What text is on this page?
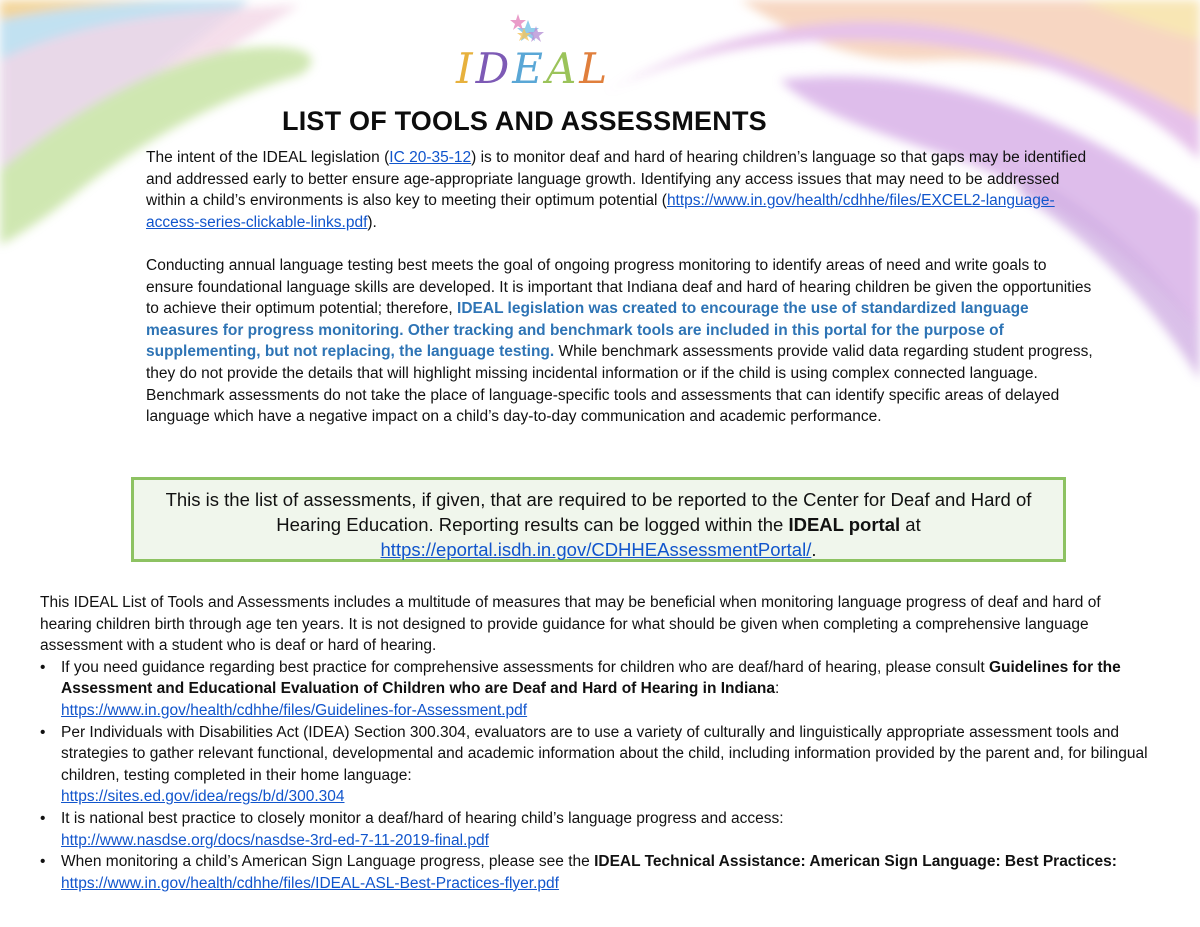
IDEAL
LIST OF TOOLS AND ASSESSMENTS

The intent of the IDEAL legislation (IC 20-35-12) is to monitor deaf and hard of hearing children’s language so that gaps may be identified and addressed early to better ensure age-appropriate language growth. Identifying any access issues that may need to be addressed within a child’s environments is also key to meeting their optimum potential (https://www.in.gov/health/cdhhe/files/EXCEL2-language-access-series-clickable-links.pdf).

Conducting annual language testing best meets the goal of ongoing progress monitoring to identify areas of need and write goals to ensure foundational language skills are developed. It is important that Indiana deaf and hard of hearing children be given the opportunities to achieve their optimum potential; therefore, IDEAL legislation was created to encourage the use of standardized language measures for progress monitoring. Other tracking and benchmark tools are included in this portal for the purpose of supplementing, but not replacing, the language testing. While benchmark assessments provide valid data regarding student progress, they do not provide the details that will highlight missing incidental information or if the child is using complex connected language. Benchmark assessments do not take the place of language-specific tools and assessments that can identify specific areas of delayed language which have a negative impact on a child’s day-to-day communication and academic performance.

This is the list of assessments, if given, that are required to be reported to the Center for Deaf and Hard of Hearing Education. Reporting results can be logged within the IDEAL portal at
https://eportal.isdh.in.gov/CDHHEAssessmentPortal/.

This IDEAL List of Tools and Assessments includes a multitude of measures that may be beneficial when monitoring language progress of deaf and hard of hearing children birth through age ten years. It is not designed to provide guidance for what should be given when completing a comprehensive language assessment with a student who is deaf or hard of hearing.

•	If you need guidance regarding best practice for comprehensive assessments for children who are deaf/hard of hearing, please consult Guidelines for the Assessment and Educational Evaluation of Children who are Deaf and Hard of Hearing in Indiana:
https://www.in.gov/health/cdhhe/files/Guidelines-for-Assessment.pdf
•	Per Individuals with Disabilities Act (IDEA) Section 300.304, evaluators are to use a variety of culturally and linguistically appropriate assessment tools and strategies to gather relevant functional, developmental and academic information about the child, including information provided by the parent and, for bilingual children, testing completed in their home language:
https://sites.ed.gov/idea/regs/b/d/300.304
•	It is national best practice to closely monitor a deaf/hard of hearing child’s language progress and access:
http://www.nasdse.org/docs/nasdse-3rd-ed-7-11-2019-final.pdf
•	When monitoring a child’s American Sign Language progress, please see the IDEAL Technical Assistance: American Sign Language: Best Practices: https://www.in.gov/health/cdhhe/files/IDEAL-ASL-Best-Practices-flyer.pdf
